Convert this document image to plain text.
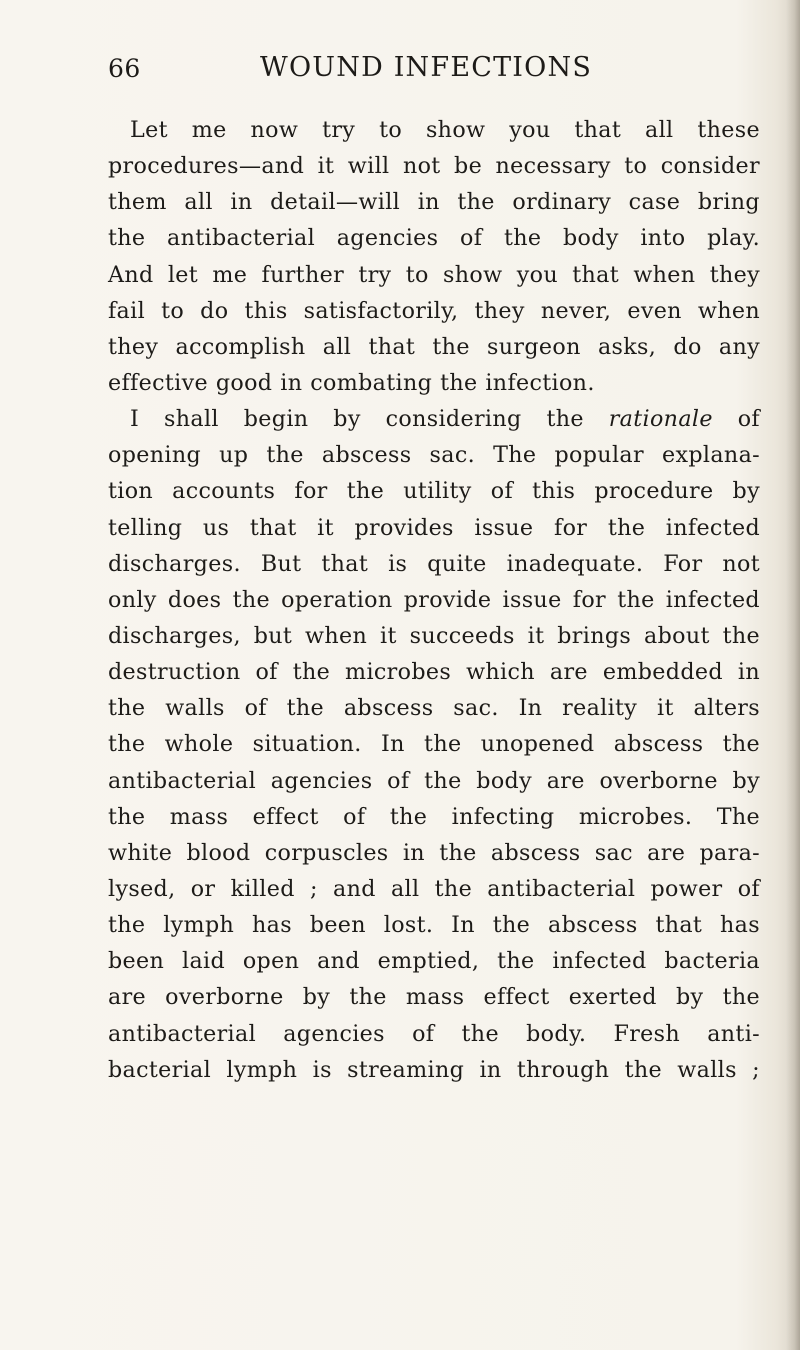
66	WOUND INFECTIONS
Let me now try to show you that all these
procedures—and it will not be necessary to consider
them all in detail—will in the ordinary case bring
the antibacterial agencies of the body into play.
And let me further try to show you that when they
fail to do this satisfactorily, they never, even when
they accomplish all that the surgeon asks, do any
effective good in combating the infection.
I shall begin by considering the rationale of
opening up the abscess sac. The popular explana-
tion accounts for the utility of this procedure by
telling us that it provides issue for the infected
discharges. But that is quite inadequate. For not
only does the operation provide issue for the infected
discharges, but when it succeeds it brings about the
destruction of the microbes which are embedded in
the walls of the abscess sac. In reality it alters
the whole situation. In the unopened abscess the
antibacterial agencies of the body are overborne by
the mass effect of the infecting microbes. The
white blood corpuscles in the abscess sac are para-
lysed, or killed ; and all the antibacterial power of
the lymph has been lost. In the abscess that has
been laid open and emptied, the infected bacteria
are overborne by the mass effect exerted by the
antibacterial agencies of the body. Fresh anti-
bacterial lymph is streaming in through the walls ;
